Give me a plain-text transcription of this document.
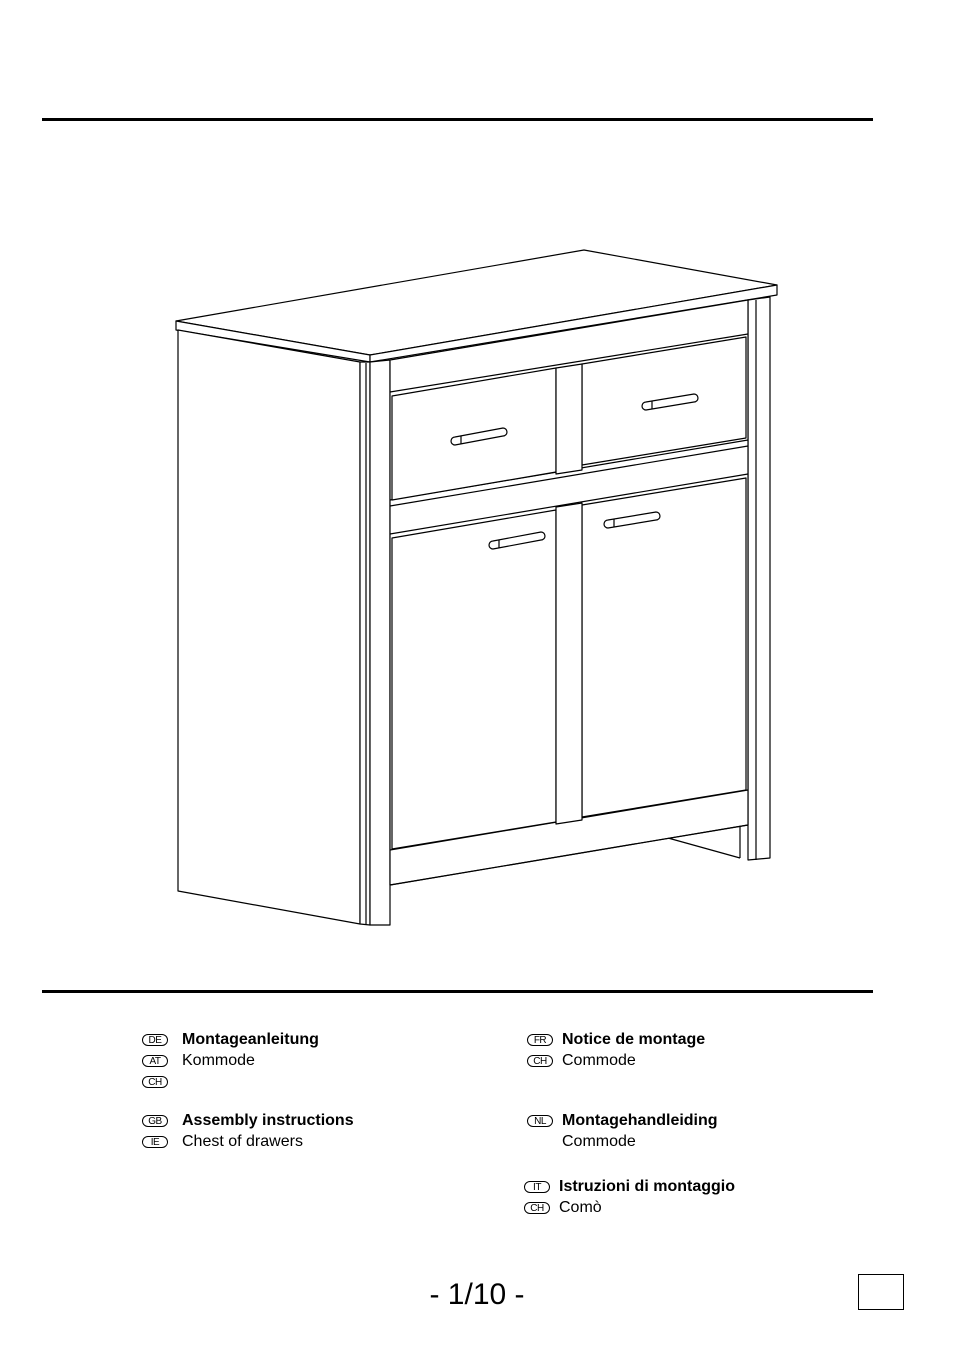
DE	Montageanleitung
AT	Kommode
CH
GB	Assembly instructions
IE	Chest of drawers
FR Notice de montage
CH Commode
NL	Montagehandleiding
Commode
IT	Istruzioni di montaggio
CH Comò
- 1/10 -
